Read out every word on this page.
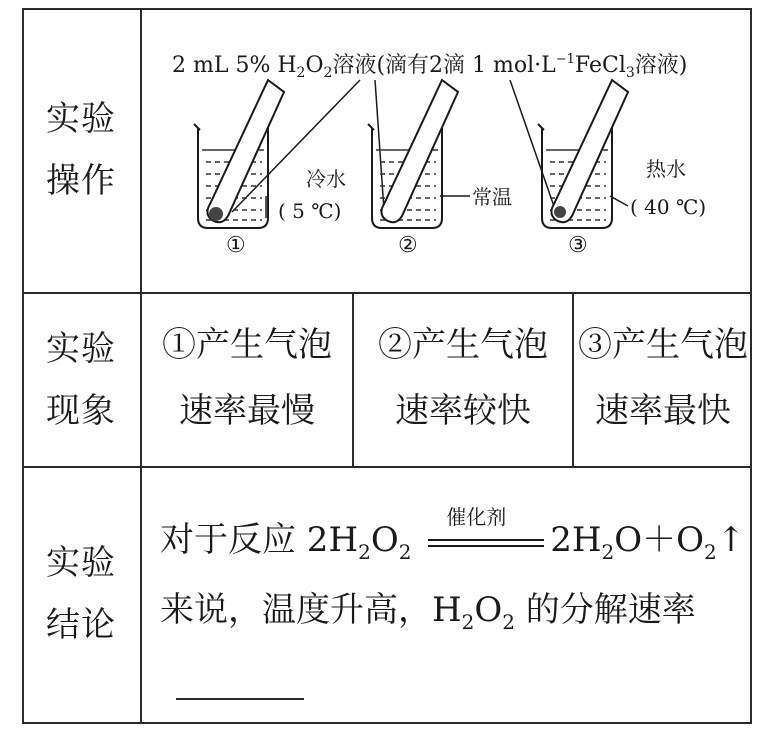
实验
操作
实验
现象
实验
结论
2 mL 5% $H_2O_2$溶液(滴有2滴 1 $mol\cdot L^{-1}FeCl_3$溶液)
冷水
( 5 ℃)
常温
热水
( 40 ℃)
①	②	③
①产生气泡
速率最慢
②产生气泡
速率较快
③产生气泡
速率最快
对于反应 $2H_2O_2$
催化剂
$2H_2O+O_2↑$
来说，温度升高，$H_2O_2$ 的分解速率
